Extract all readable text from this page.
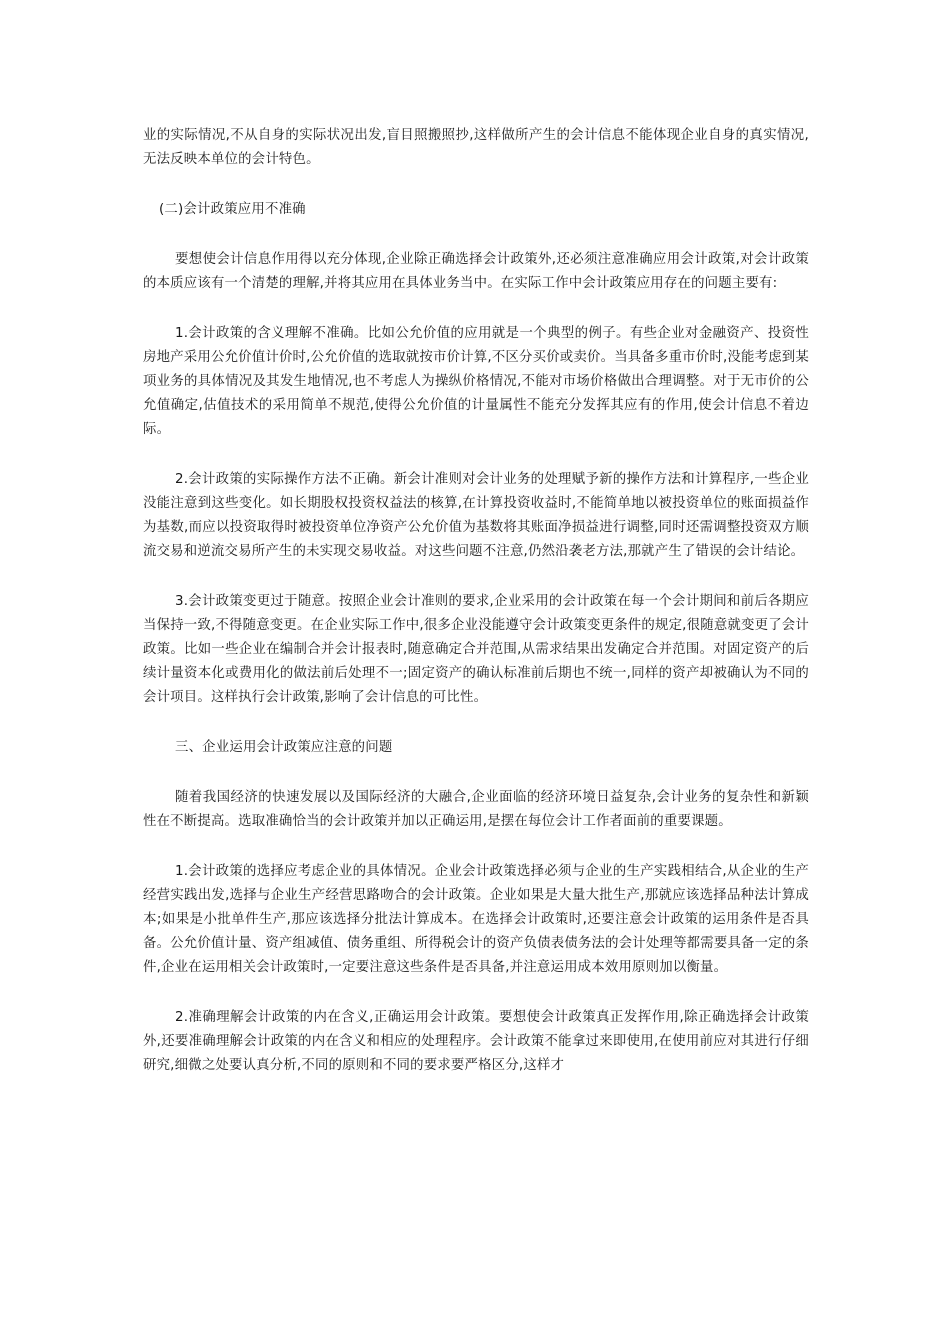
业的实际情况,不从自身的实际状况出发,盲目照搬照抄,这样做所产生的会计信息不能体现企业自身的真实情况,无法反映本单位的会计特色。

(二)会计政策应用不准确

要想使会计信息作用得以充分体现,企业除正确选择会计政策外,还必须注意准确应用会计政策,对会计政策的本质应该有一个清楚的理解,并将其应用在具体业务当中。在实际工作中会计政策应用存在的问题主要有:

1.会计政策的含义理解不准确。比如公允价值的应用就是一个典型的例子。有些企业对金融资产、投资性房地产采用公允价值计价时,公允价值的选取就按市价计算,不区分买价或卖价。当具备多重市价时,没能考虑到某项业务的具体情况及其发生地情况,也不考虑人为操纵价格情况,不能对市场价格做出合理调整。对于无市价的公允值确定,估值技术的采用简单不规范,使得公允价值的计量属性不能充分发挥其应有的作用,使会计信息不着边际。

2.会计政策的实际操作方法不正确。新会计准则对会计业务的处理赋予新的操作方法和计算程序,一些企业没能注意到这些变化。如长期股权投资权益法的核算,在计算投资收益时,不能简单地以被投资单位的账面损益作为基数,而应以投资取得时被投资单位净资产公允价值为基数将其账面净损益进行调整,同时还需调整投资双方顺流交易和逆流交易所产生的未实现交易收益。对这些问题不注意,仍然沿袭老方法,那就产生了错误的会计结论。

3.会计政策变更过于随意。按照企业会计准则的要求,企业采用的会计政策在每一个会计期间和前后各期应当保持一致,不得随意变更。在企业实际工作中,很多企业没能遵守会计政策变更条件的规定,很随意就变更了会计政策。比如一些企业在编制合并会计报表时,随意确定合并范围,从需求结果出发确定合并范围。对固定资产的后续计量资本化或费用化的做法前后处理不一;固定资产的确认标准前后期也不统一,同样的资产却被确认为不同的会计项目。这样执行会计政策,影响了会计信息的可比性。

三、企业运用会计政策应注意的问题

随着我国经济的快速发展以及国际经济的大融合,企业面临的经济环境日益复杂,会计业务的复杂性和新颖性在不断提高。选取准确恰当的会计政策并加以正确运用,是摆在每位会计工作者面前的重要课题。

1.会计政策的选择应考虑企业的具体情况。企业会计政策选择必须与企业的生产实践相结合,从企业的生产经营实践出发,选择与企业生产经营思路吻合的会计政策。企业如果是大量大批生产,那就应该选择品种法计算成本;如果是小批单件生产,那应该选择分批法计算成本。在选择会计政策时,还要注意会计政策的运用条件是否具备。公允价值计量、资产组减值、债务重组、所得税会计的资产负债表债务法的会计处理等都需要具备一定的条件,企业在运用相关会计政策时,一定要注意这些条件是否具备,并注意运用成本效用原则加以衡量。

2.准确理解会计政策的内在含义,正确运用会计政策。要想使会计政策真正发挥作用,除正确选择会计政策外,还要准确理解会计政策的内在含义和相应的处理程序。会计政策不能拿过来即使用,在使用前应对其进行仔细研究,细微之处要认真分析,不同的原则和不同的要求要严格区分,这样才
